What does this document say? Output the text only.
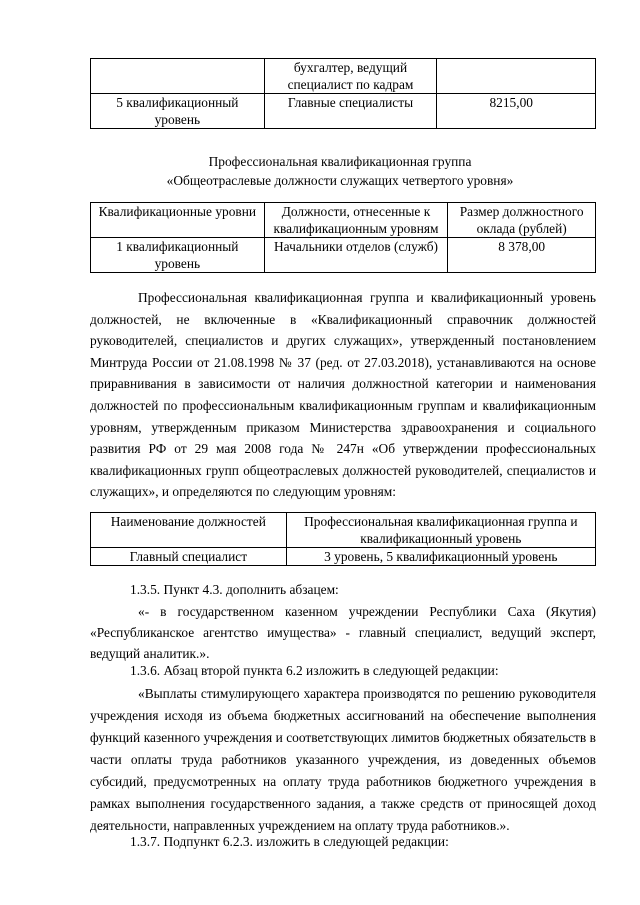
	бухгалтер, ведущий специалист по кадрам	
5 квалификационный уровень	Главные специалисты	8215,00
Профессиональная квалификационная группа
«Общеотраслевые должности служащих четвертого уровня»
Квалификационные уровни	Должности, отнесенные к квалификационным уровням	Размер должностного оклада (рублей)
1 квалификационный уровень	Начальники отделов (служб)	8 378,00

Профессиональная квалификационная группа и квалификационный уровень должностей, не включенные в «Квалификационный справочник должностей руководителей, специалистов и других служащих», утвержденный постановлением Минтруда России от 21.08.1998 № 37 (ред. от 27.03.2018), устанавливаются на основе приравнивания в зависимости от наличия должностной категории и наименования должностей по профессиональным квалификационным группам и квалификационным уровням, утвержденным приказом Министерства здравоохранения и социального развития РФ от 29 мая 2008 года № 247н «Об утверждении профессиональных квалификационных групп общеотраслевых должностей руководителей, специалистов и служащих», и определяются по следующим уровням:

Наименование должностей	Профессиональная квалификационная группа и квалификационный уровень
Главный специалист	3 уровень, 5 квалификационный уровень
1.3.5. Пункт 4.3. дополнить абзацем:

«- в государственном казенном учреждении Республики Саха (Якутия) «Республиканское агентство имущества» - главный специалист, ведущий эксперт, ведущий аналитик.».

1.3.6. Абзац второй пункта 6.2 изложить в следующей редакции:

«Выплаты стимулирующего характера производятся по решению руководителя учреждения исходя из объема бюджетных ассигнований на обеспечение выполнения функций казенного учреждения и соответствующих лимитов бюджетных обязательств в части оплаты труда работников указанного учреждения, из доведенных объемов субсидий, предусмотренных на оплату труда работников бюджетного учреждения в рамках выполнения государственного задания, а также средств от приносящей доход деятельности, направленных учреждением на оплату труда работников.».

1.3.7. Подпункт 6.2.3. изложить в следующей редакции:
